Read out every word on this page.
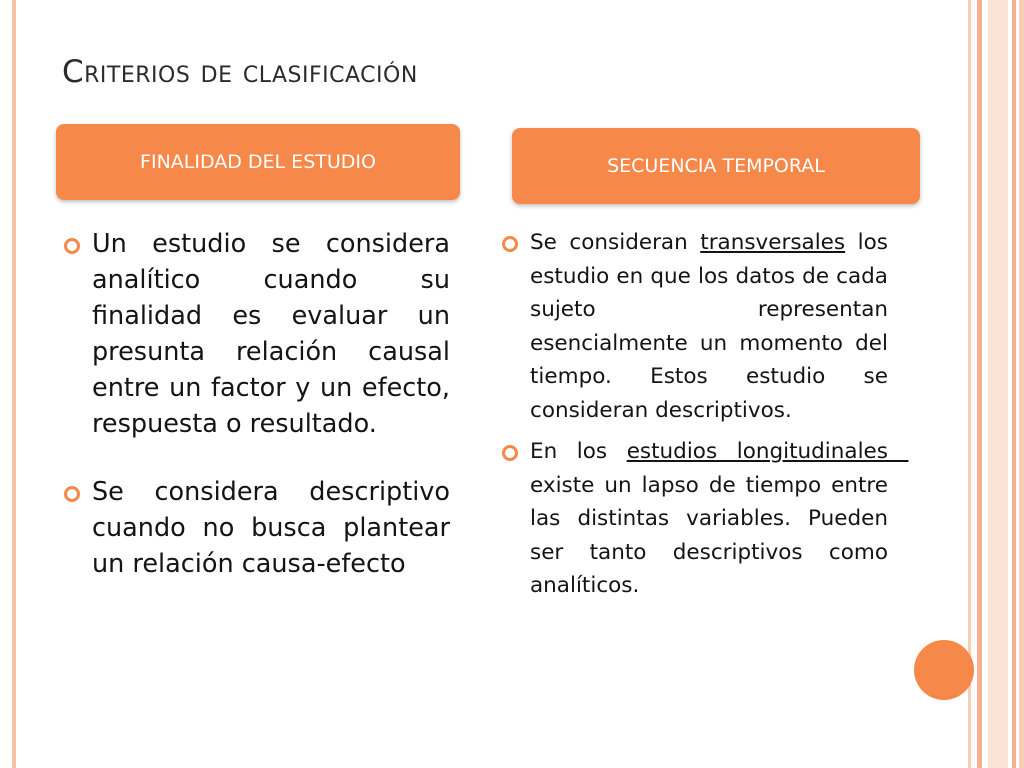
Criterios de clasificación
FINALIDAD DEL ESTUDIO	SECUENCIA TEMPORAL
Un estudio se considera analítico cuando su finalidad es evaluar un presunta relación causal entre un factor y un efecto, respuesta o resultado.
Se considera descriptivo cuando no busca plantear un relación causa-efecto
Se consideran transversales los estudio en que los datos de cada sujeto representan esencialmente un momento del tiempo. Estos estudio se consideran descriptivos.
En los estudios longitudinales   existe un lapso de tiempo entre las distintas variables. Pueden ser tanto descriptivos como analíticos.
